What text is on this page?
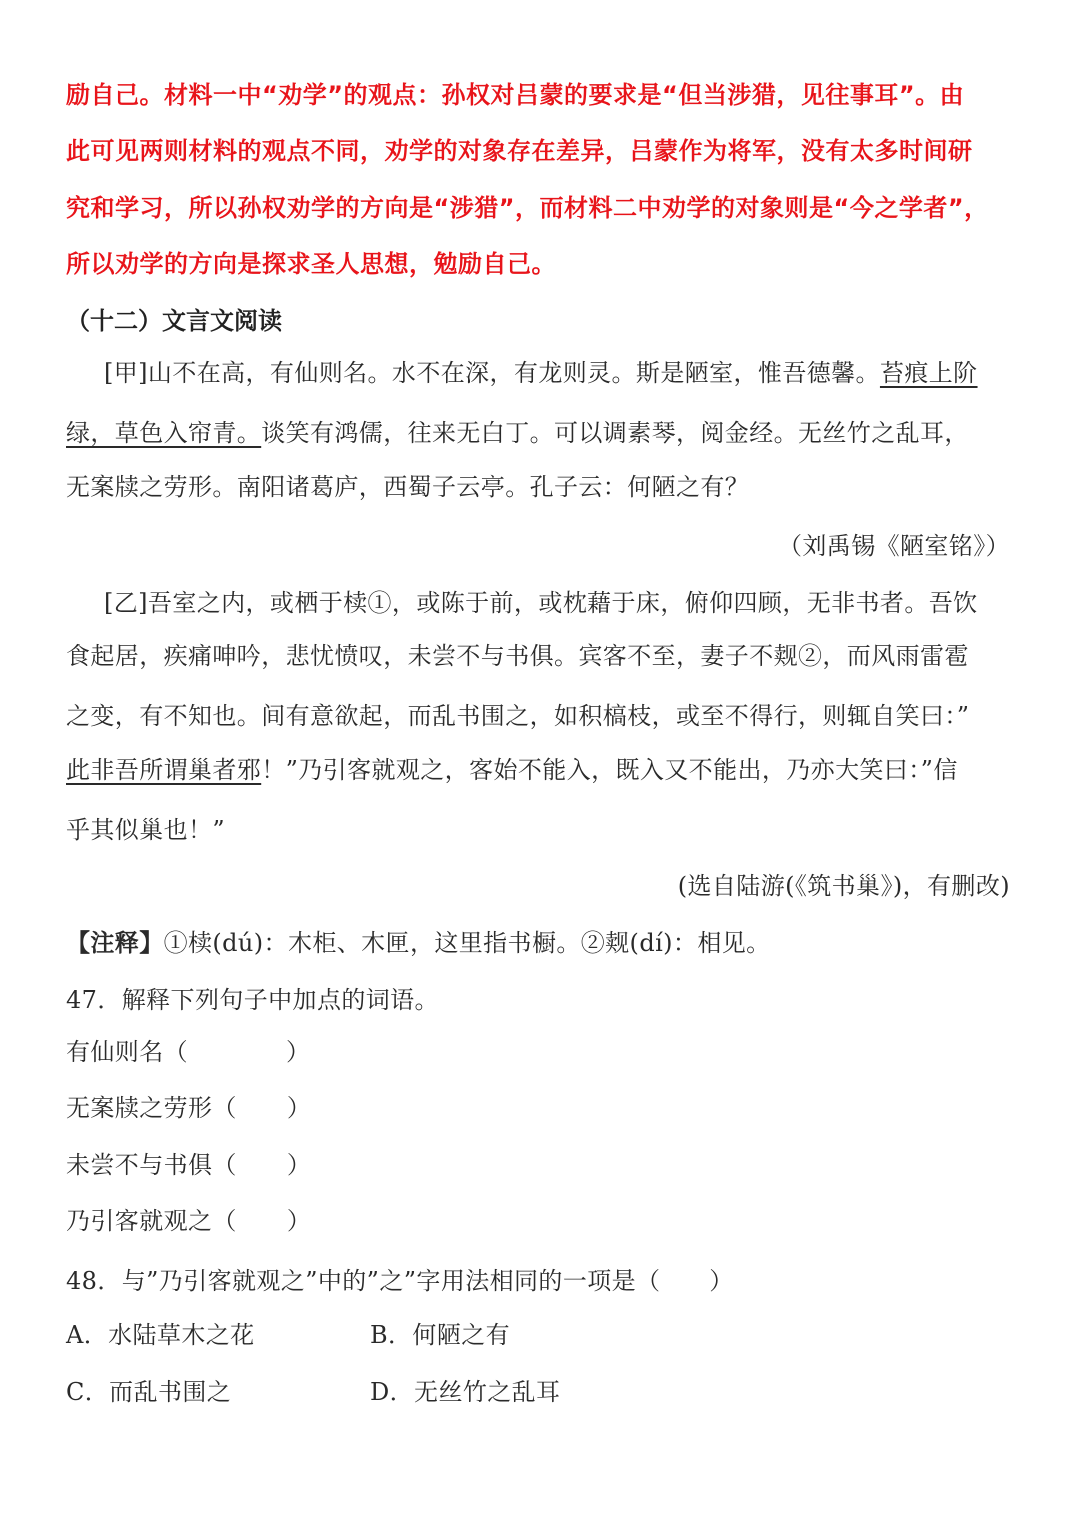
励自己。材料一中“劝学”的观点：孙权对吕蒙的要求是“但当涉猎，见往事耳”。由
此可见两则材料的观点不同，劝学的对象存在差异，吕蒙作为将军，没有太多时间研
究和学习，所以孙权劝学的方向是“涉猎”，而材料二中劝学的对象则是“今之学者”，
所以劝学的方向是探求圣人思想，勉励自己。
（十二）文言文阅读
[甲]山不在高，有仙则名。水不在深，有龙则灵。斯是陋室，惟吾德馨。苔痕上阶
绿，草色入帘青。谈笑有鸿儒，往来无白丁。可以调素琴，阅金经。无丝竹之乱耳，
无案牍之劳形。南阳诸葛庐，西蜀子云亭。孔子云：何陋之有？
（刘禹锡《陋室铭》）
[乙]吾室之内，或栖于椟①，或陈于前，或枕藉于床，俯仰四顾，无非书者。吾饮
食起居，疾痛呻吟，悲忧愤叹，未尝不与书俱。宾客不至，妻子不觌②，而风雨雷雹
之变，有不知也。间有意欲起，而乱书围之，如积槁枝，或至不得行，则辄自笑曰：”
此非吾所谓巢者邪！”乃引客就观之，客始不能入，既入又不能出，乃亦大笑曰：”信
乎其似巢也！”
(选自陆游(《筑书巢》)，有删改)
【注释】①椟(dú)：木柜、木匣，这里指书橱。②觌(dí)：相见。
47．解释下列句子中加点的词语。
有仙则名（	）
无案牍之劳形（ ）
未尝不与书俱（ ）
乃引客就观之（ ）
48．与”乃引客就观之”中的”之”字用法相同的一项是（　　）
A．水陆草木之花	B．何陋之有
C．而乱书围之	D．无丝竹之乱耳
